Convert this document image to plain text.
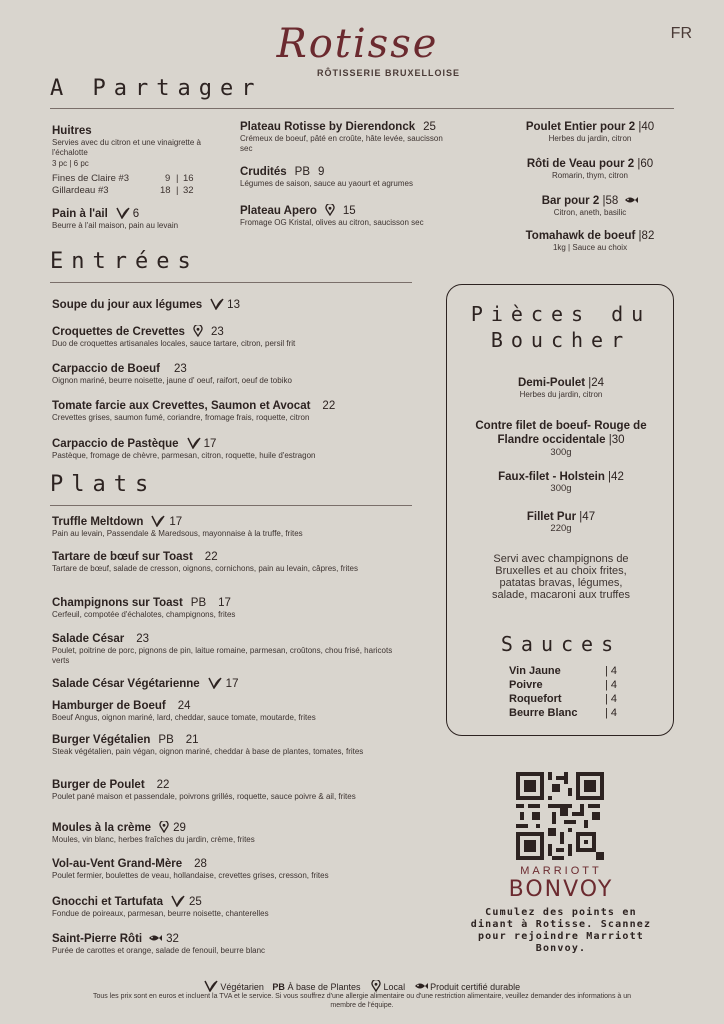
Rotisse
RÔTISSERIE BRUXELLOISE
FR
A Partager
Huitres
Servies avec du citron et une vinaigrette à l'échalotte
3 pc | 6 pc
Fines de Claire #3	9 | 16
Gillardeau #3	18 | 32
Pain à l'ail 6
Beurre à l'ail maison, pain au levain
Plateau Rotisse by Dierendonck 25
Crémeux de boeuf, pâté en croûte, hâte levée, saucisson sec
Crudités PB 9
Légumes de saison, sauce au yaourt et agrumes
Plateau Apero 15
Fromage OG Kristal, olives au citron, saucisson sec
Poulet Entier pour 2 |40
Herbes du jardin, citron
Rôti de Veau pour 2 |60
Romarin, thym, citron
Bar pour 2 |58
Citron, aneth, basilic
Tomahawk de boeuf |82
1kg | Sauce au choix
Entrées
Soupe du jour aux légumes 13
Croquettes de Crevettes 23
Duo de croquettes artisanales locales, sauce tartare, citron, persil frit
Carpaccio de Boeuf 23
Oignon mariné, beurre noisette, jaune d' oeuf, raifort, oeuf de tobiko
Tomate farcie aux Crevettes, Saumon et Avocat 22
Crevettes grises, saumon fumé, coriandre, fromage frais, roquette, citron
Carpaccio de Pastèque 17
Pastèque, fromage de chèvre, parmesan, citron, roquette, huile d'estragon
Plats
Truffle Meltdown 17
Pain au levain, Passendale & Maredsous, mayonnaise à la truffe, frites
Tartare de bœuf sur Toast 22
Tartare de bœuf, salade de cresson, oignons, cornichons, pain au levain, câpres, frites
Champignons sur Toast PB 17
Cerfeuil, compotée d'échalotes, champignons, frites
Salade César 23
Poulet, poitrine de porc, pignons de pin, laitue romaine, parmesan, croûtons, chou frisé, haricots verts
Salade César Végétarienne 17
Hamburger de Boeuf 24
Boeuf Angus, oignon mariné, lard, cheddar, sauce tomate, moutarde, frites
Burger Végétalien PB 21
Steak végétalien, pain végan, oignon mariné, cheddar à base de plantes, tomates, frites
Burger de Poulet 22
Poulet pané maison et passendale, poivrons grillés, roquette, sauce poivre & ail, frites
Moules à la crème 29
Moules, vin blanc, herbes fraîches du jardin, crème, frites
Vol-au-Vent Grand-Mère 28
Poulet fermier, boulettes de veau, hollandaise, crevettes grises, cresson, frites
Gnocchi et Tartufata 25
Fondue de poireaux, parmesan, beurre noisette, chanterelles
Saint-Pierre Rôti 32
Purée de carottes et orange, salade de fenouil, beurre blanc
Pièces du
Boucher
Demi-Poulet |24
Herbes du jardin, citron
Contre filet de boeuf- Rouge de Flandre occidentale |30
300g
Faux-filet - Holstein |42
300g
Fillet Pur |47
220g
Servi avec champignons de Bruxelles et au choix frites, patatas bravas, légumes, salade, macaroni aux truffes
Sauces
Vin Jaune	| 4
Poivre	| 4
Roquefort	| 4
Beurre Blanc	| 4
MARRIOTT
BONVOY
Cumulez des points en dinant à Rotisse. Scannez pour rejoindre Marriott Bonvoy.
Végétarien PB À base de Plantes	Local	Produit certifié durable
Tous les prix sont en euros et incluent la TVA et le service. Si vous souffrez d'une allergie alimentaire ou d'une restriction alimentaire, veuillez demander des informations à un membre de l'équipe.
